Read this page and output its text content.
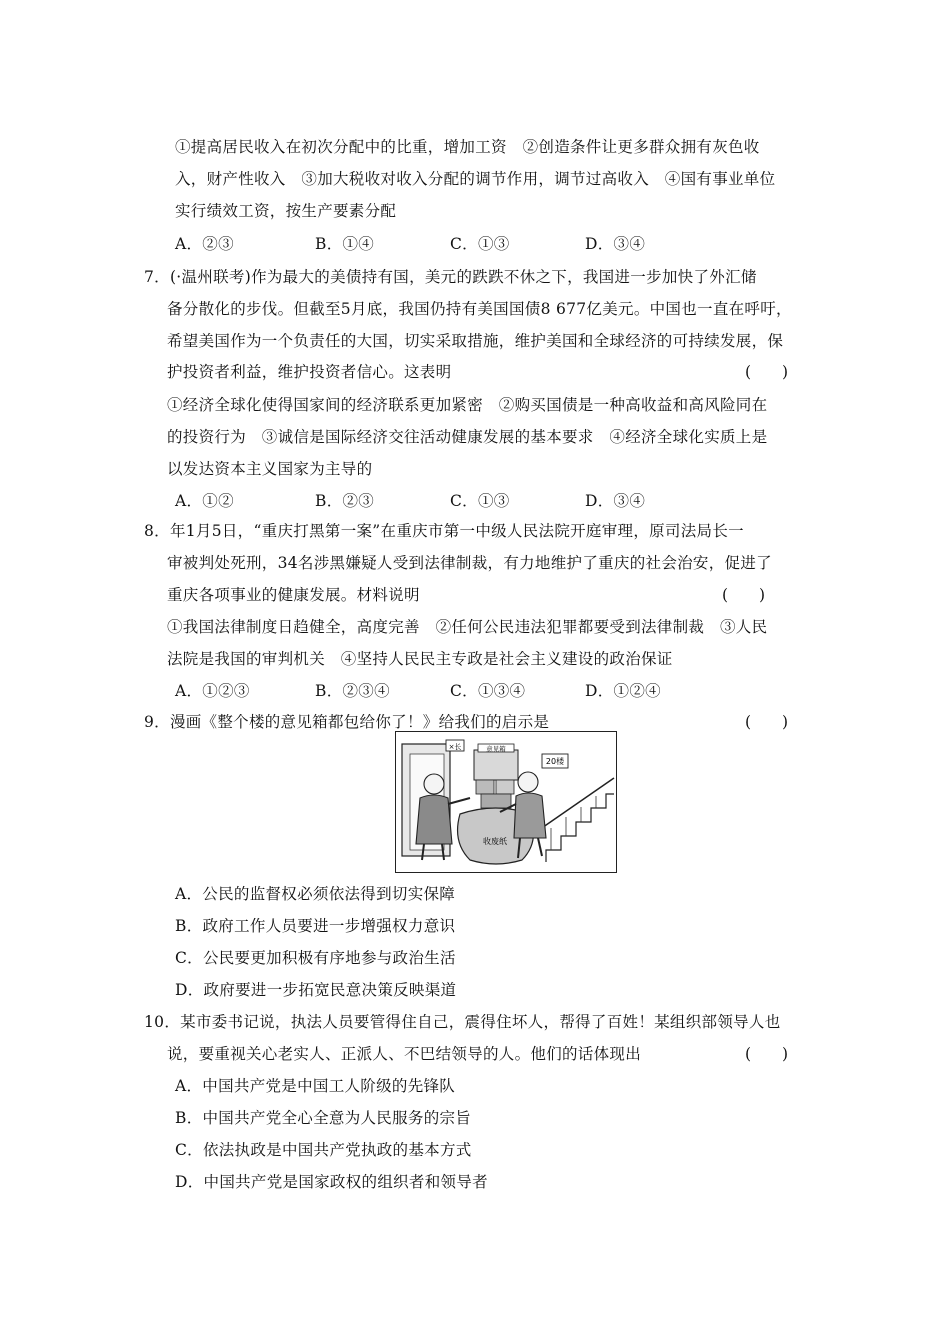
①提高居民收入在初次分配中的比重，增加工资　②创造条件让更多群众拥有灰色收
入，财产性收入　③加大税收对收入分配的调节作用，调节过高收入　④国有事业单位
实行绩效工资，按生产要素分配
A．②③	B．①④	C．①③	D．③④
7．(·温州联考)作为最大的美债持有国，美元的跌跌不休之下，我国进一步加快了外汇储
备分散化的步伐。但截至5月底，我国仍持有美国国债8 677亿美元。中国也一直在呼吁，
希望美国作为一个负责任的大国，切实采取措施，维护美国和全球经济的可持续发展，保
护投资者利益，维护投资者信心。这表明	(　　)
①经济全球化使得国家间的经济联系更加紧密　②购买国债是一种高收益和高风险同在
的投资行为　③诚信是国际经济交往活动健康发展的基本要求　④经济全球化实质上是
以发达资本主义国家为主导的
A．①②	B．②③	C．①③	D．③④
8．年1月5日，“重庆打黑第一案”在重庆市第一中级人民法院开庭审理，原司法局长一
审被判处死刑，34名涉黑嫌疑人受到法律制裁，有力地维护了重庆的社会治安，促进了
重庆各项事业的健康发展。材料说明	(　　)
①我国法律制度日趋健全，高度完善　②任何公民违法犯罪都要受到法律制裁　③人民
法院是我国的审判机关　④坚持人民民主专政是社会主义建设的政治保证
A．①②③	B．②③④	C．①③④	D．①②④
9．漫画《整个楼的意见箱都包给你了！》给我们的启示是	(　　)
×长
20楼
意见箱
收废纸
A．公民的监督权必须依法得到切实保障
B．政府工作人员要进一步增强权力意识
C．公民要更加积极有序地参与政治生活
D．政府要进一步拓宽民意决策反映渠道
10．某市委书记说，执法人员要管得住自己，震得住坏人，帮得了百姓！某组织部领导人也
说，要重视关心老实人、正派人、不巴结领导的人。他们的话体现出	(　　)
A．中国共产党是中国工人阶级的先锋队
B．中国共产党全心全意为人民服务的宗旨
C．依法执政是中国共产党执政的基本方式
D．中国共产党是国家政权的组织者和领导者
